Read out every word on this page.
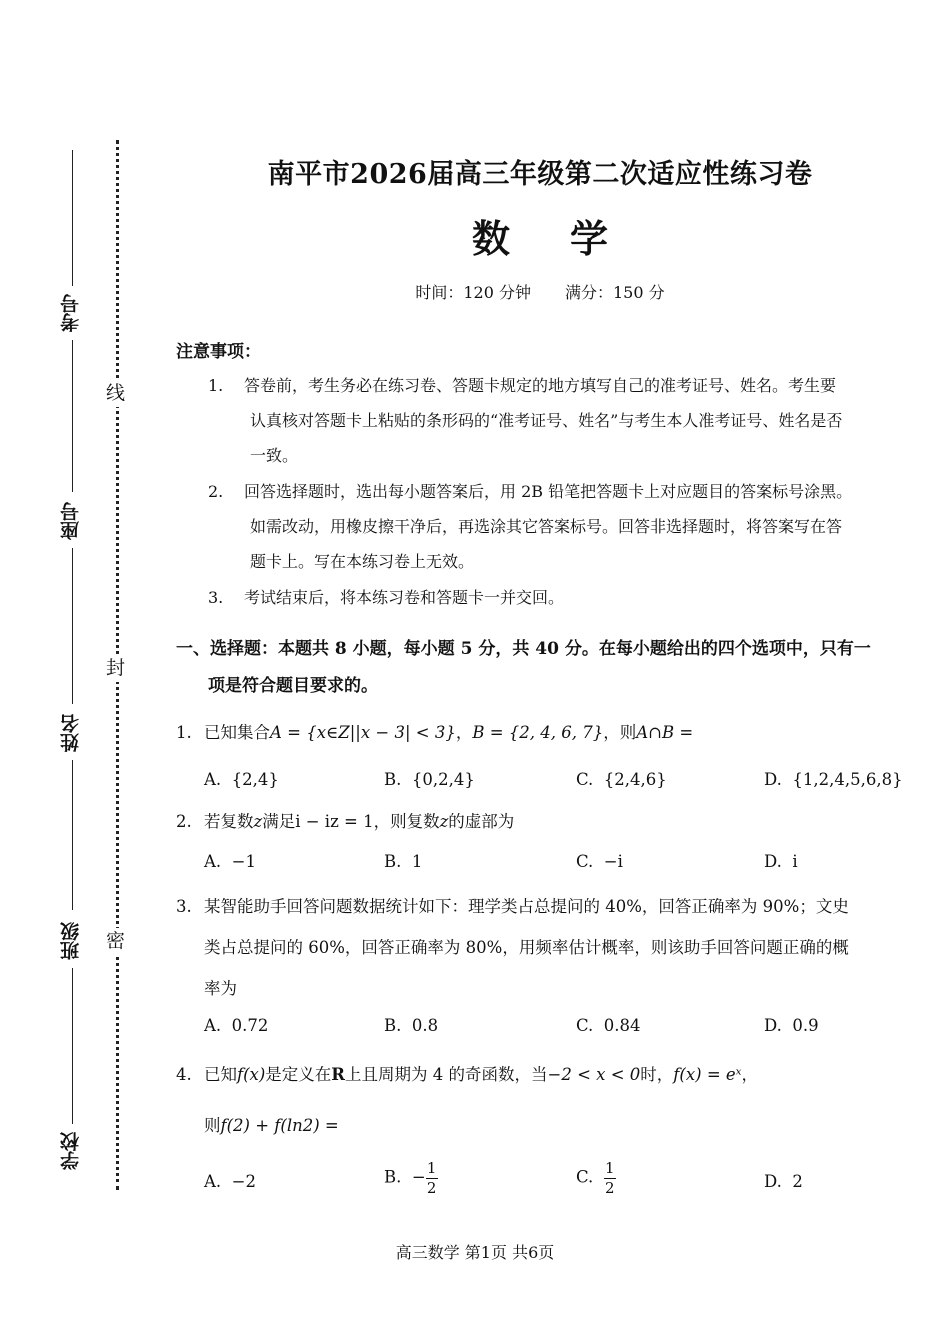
线
封
密
考号
座号
姓名
班级
学校
南平市2026届高三年级第二次适应性练习卷
数学
时间：120 分钟 满分：150 分
注意事项：
1. 答卷前，考生务必在练习卷、答题卡规定的地方填写自己的准考证号、姓名。考生要
认真核对答题卡上粘贴的条形码的“准考证号、姓名”与考生本人准考证号、姓名是否
一致。
2. 回答选择题时，选出每小题答案后，用 2B 铅笔把答题卡上对应题目的答案标号涂黑。
如需改动，用橡皮擦干净后，再选涂其它答案标号。回答非选择题时，将答案写在答
题卡上。写在本练习卷上无效。
3. 考试结束后，将本练习卷和答题卡一并交回。
一、选择题：本题共 8 小题，每小题 5 分，共 40 分。在每小题给出的四个选项中，只有一
项是符合题目要求的。
1. 已知集合A = {x∈Z||x − 3| < 3}，B = {2, 4, 6, 7}，则A∩B =
A. {2,4}	B. {0,2,4}	C. {2,4,6}	D. {1,2,4,5,6,8}
2. 若复数z满足i − iz = 1，则复数z的虚部为
A. −1	B. 1	C. −i	D. i
3. 某智能助手回答问题数据统计如下：理学类占总提问的 40%，回答正确率为 90%；文史
类占总提问的 60%，回答正确率为 80%，用频率估计概率，则该助手回答问题正确的概
率为
A. 0.72	B. 0.8	C. 0.84	D. 0.9
4. 已知f(x)是定义在R上且周期为 4 的奇函数，当−2 < x < 0时，f(x) = eˣ，
则f(2) + f(ln2) =
A. −2	B. − $\frac{1}{2}$	C. $\frac{1}{2}$	D. 2
高三数学 第1页 共6页
